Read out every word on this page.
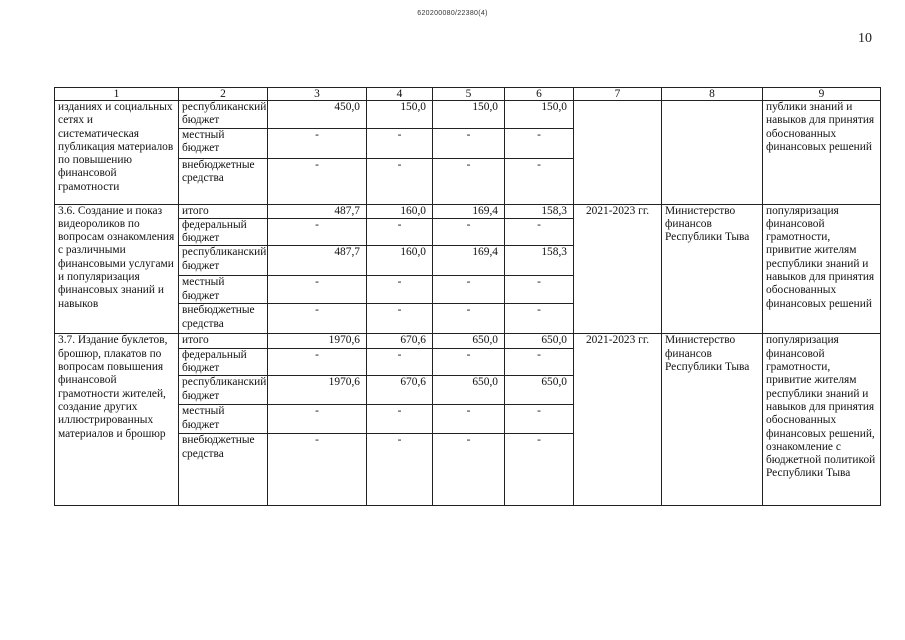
620200080/22380(4)
10
1	2	3	4	5	6	7	8	9
изданиях и социальных сетях и систематическая публикация материалов по повышению финансовой грамотности	республиканский бюджет	450,0	150,0	150,0	150,0			публики знаний и навыков для принятия обоснованных финансовых решений
	местный бюджет	-	-	-	-			
	внебюджетные средства	-	-	-	-			
3.6. Создание и показ видеороликов по вопросам ознакомления с различными финансовыми услугами и популяризация финансовых знаний и навыков	итого	487,7	160,0	169,4	158,3	2021-2023 гг.	Министерство финансов Республики Тыва	популяризация финансовой грамотности, привитие жителям республики знаний и навыков для принятия обоснованных финансовых решений
	федеральный бюджет	-	-	-	-			
	республиканский бюджет	487,7	160,0	169,4	158,3			
	местный бюджет	-	-	-	-			
	внебюджетные средства	-	-	-	-			
3.7. Издание буклетов, брошюр, плакатов по вопросам повышения финансовой грамотности жителей, создание других иллюстрированных материалов и брошюр	итого	1970,6	670,6	650,0	650,0	2021-2023 гг.	Министерство финансов Республики Тыва	популяризация финансовой грамотности, привитие жителям республики знаний и навыков для принятия обоснованных финансовых решений, ознакомление с бюджетной политикой Республики Тыва
	федеральный бюджет	-	-	-	-			
	республиканский бюджет	1970,6	670,6	650,0	650,0			
	местный бюджет	-	-	-	-			
	внебюджетные средства	-	-	-	-			
